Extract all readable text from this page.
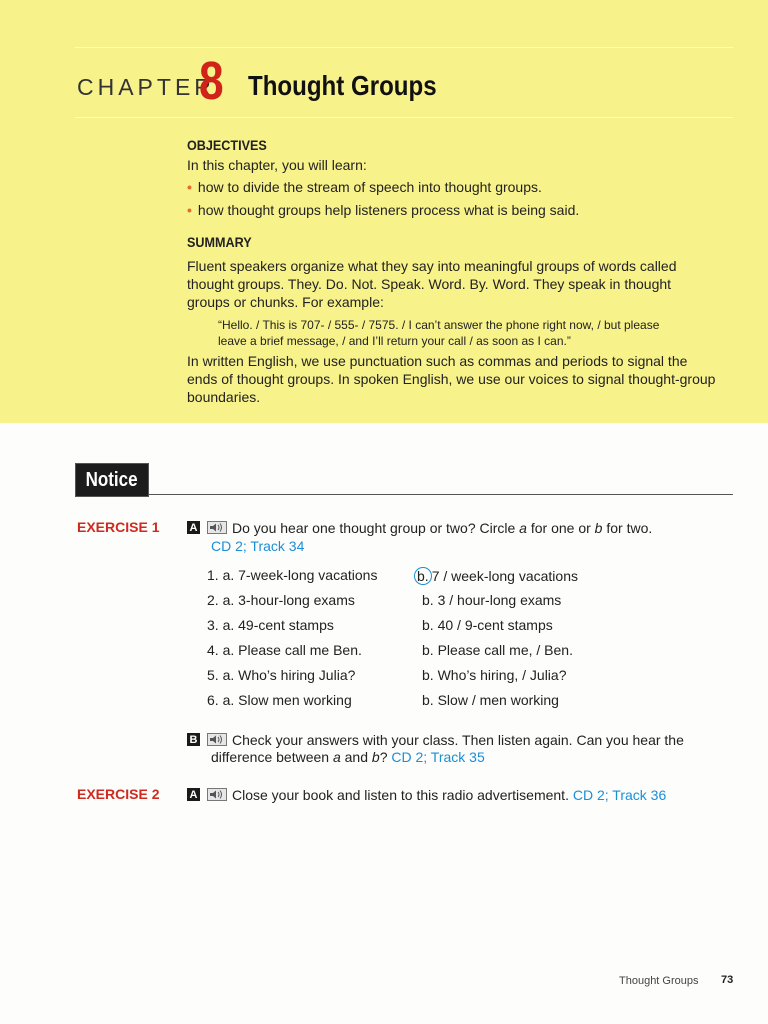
CHAPTER
8 Thought Groups
OBJECTIVES
In this chapter, you will learn:
• how to divide the stream of speech into thought groups.
• how thought groups help listeners process what is being said.
SUMMARY
Fluent speakers organize what they say into meaningful groups of words called
thought groups. They. Do. Not. Speak. Word. By. Word. They speak in thought
groups or chunks. For example:
“Hello. / This is 707- / 555- / 7575. / I can’t answer the phone right now, / but please
leave a brief message, / and I’ll return your call / as soon as I can.”
In written English, we use punctuation such as commas and periods to signal the
ends of thought groups. In spoken English, we use our voices to signal thought-group
boundaries.
Notice
EXERCISE 1	A Do you hear one thought group or two? Circle a for one or b for two.
CD 2; Track 34
1. a. 7-week-long vacations	b. 7 / week-long vacations
2. a. 3-hour-long exams	b. 3 / hour-long exams
3. a. 49-cent stamps	b. 40 / 9-cent stamps
4. a. Please call me Ben.	b. Please call me, / Ben.
5. a. Who’s hiring Julia?	b. Who’s hiring, / Julia?
6. a. Slow men working	b. Slow / men working
B Check your answers with your class. Then listen again. Can you hear the
difference between a and b? CD 2; Track 35
EXERCISE 2	A Close your book and listen to this radio advertisement. CD 2; Track 36
Thought Groups 73
